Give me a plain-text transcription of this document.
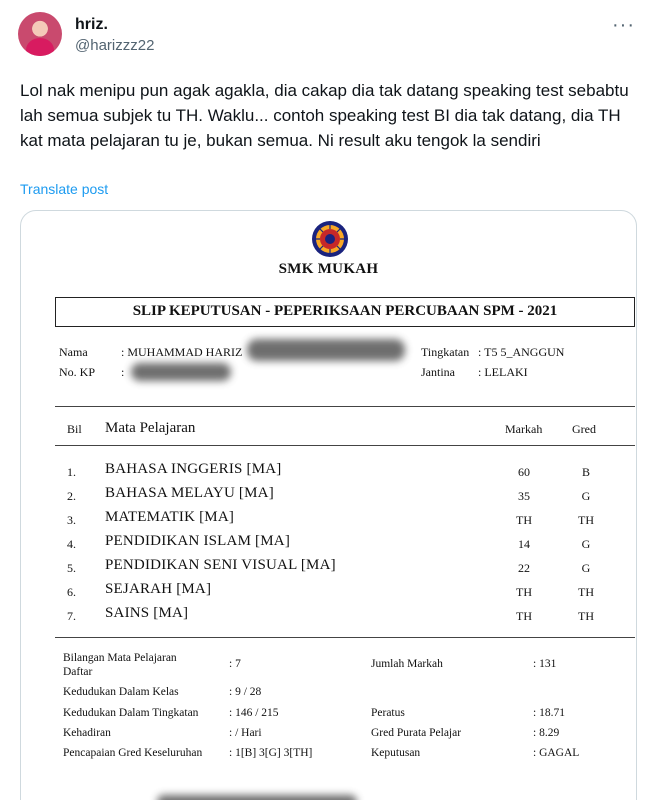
hriz.
@harizzz22
···
Lol nak menipu pun agak agakla, dia cakap dia tak datang speaking test sebabtu lah semua subjek tu TH. Waklu... contoh speaking test BI dia tak datang, dia TH kat mata pelajaran tu je, bukan semua. Ni result aku tengok la sendiri
Translate post
SMK MUKAH
SLIP KEPUTUSAN - PEPERIKSAAN PERCUBAAN SPM - 2021
Nama	: MUHAMMAD HARIZ
No. KP :
Tingkatan : T5 5_ANGGUN
Jantina : LELAKI
Bil Mata Pelajaran	Markah Gred
1. BAHASA INGGERIS [MA]	60	B
2. BAHASA MELAYU [MA]	35	G
3. MATEMATIK [MA]	TH	TH
4. PENDIDIKAN ISLAM [MA]	14	G
5. PENDIDIKAN SENI VISUAL [MA]	22	G
6. SEJARAH [MA]	TH	TH
7. SAINS [MA]	TH	TH
Bilangan Mata Pelajaran
Daftar
: 7	Jumlah Markah	: 131
Kedudukan Dalam Kelas	: 9 / 28
Kedudukan Dalam Tingkatan	: 146 / 215	Peratus	: 18.71
Kehadiran	: / Hari	Gred Purata Pelajar	: 8.29
Pencapaian Gred Keseluruhan : 1[B] 3[G] 3[TH]	Keputusan	: GAGAL
